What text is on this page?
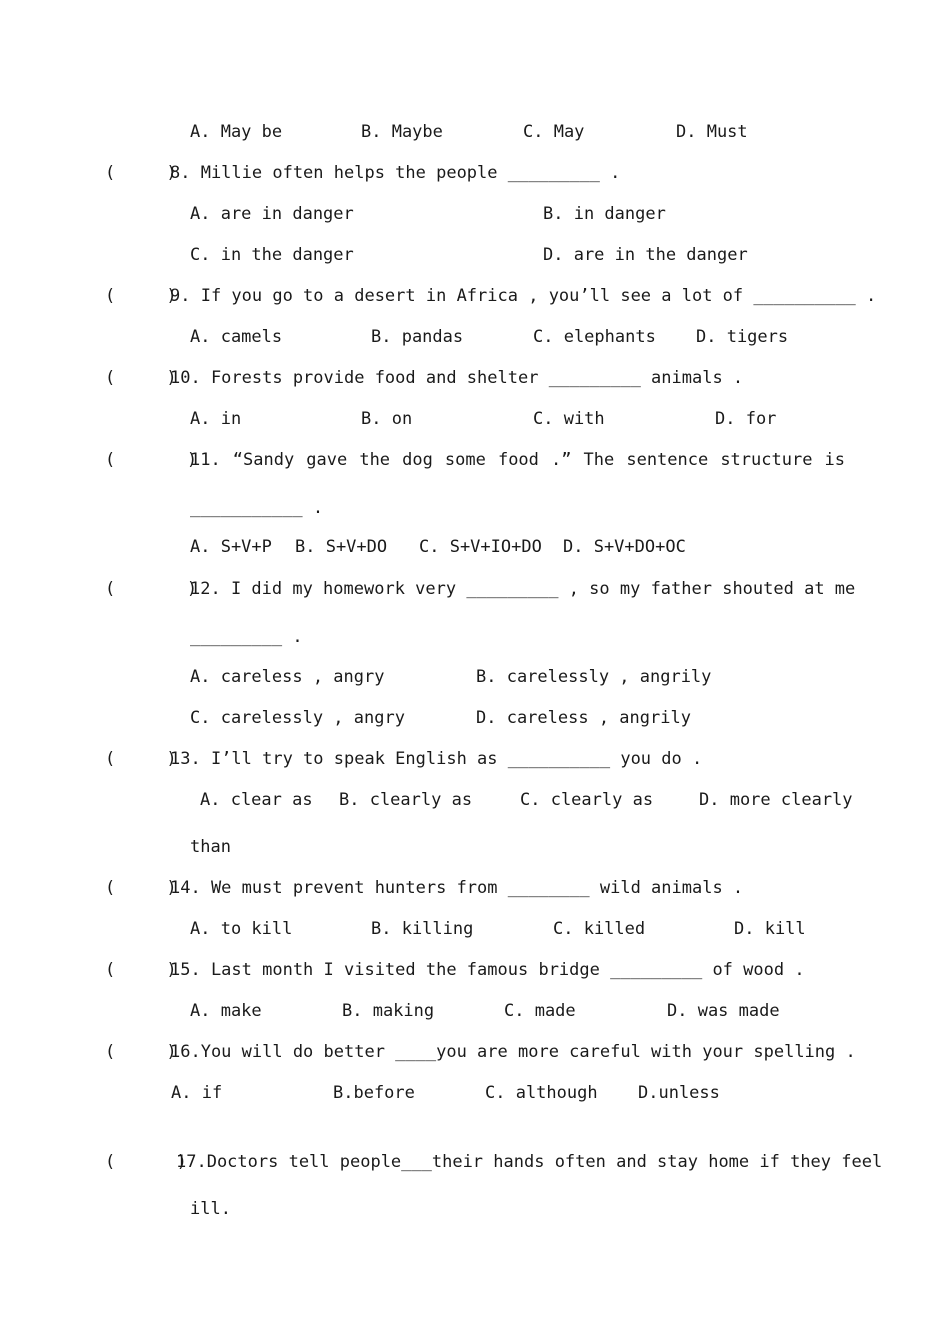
A. May be	B. Maybe	C. May	D. Must
(     )
8. Millie often helps the people _________ .
A. are in danger	B. in danger
C. in the danger	D. are in the danger
(     )
9. If you go to a desert in Africa , you’ll see a lot of __________ .
A. camels	B. pandas	C. elephants D. tigers
(     )
10. Forests provide food and shelter _________ animals .
A. in	B. on	C. with	D. for
(       )
11. “Sandy gave the dog some food .” The sentence structure is
___________ .
A. S+V+P B. S+V+DO C. S+V+IO+DO D. S+V+DO+OC
(       )
12. I did my homework very _________ , so my father shouted at me
_________ .
A. careless , angry	B. carelessly , angrily
C. carelessly , angry	D. careless , angrily
(     )
13. I’ll try to speak English as __________ you do .
A. clear as B. clearly as	C. clearly as	D. more clearly
than
(     )
14. We must prevent hunters from ________ wild animals .
A. to kill	B. killing	C. killed	D. kill
(     )
15. Last month I visited the famous bridge _________ of wood .
A. make	B. making	C. made	D. was made
(     )
16.You will do better ____you are more careful with your spelling .
A. if	B.before	C. although D.unless
(      )
17.Doctors tell people___their hands often and stay home if they feel
ill.
